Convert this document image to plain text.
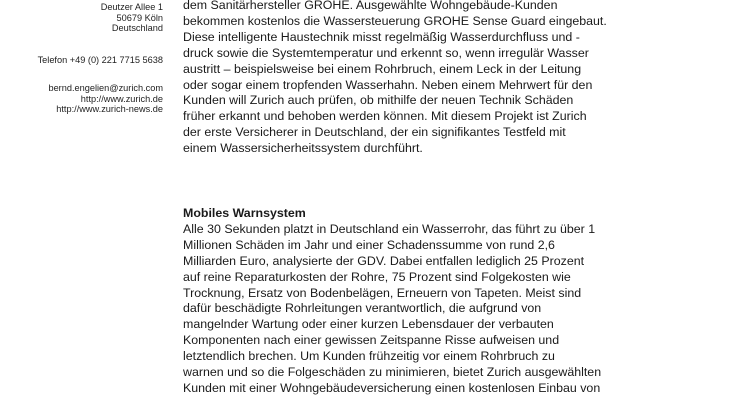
Deutzer Allee 1
50679 Köln
Deutschland
Telefon +49 (0) 221 7715 5638
bernd.engelien@zurich.com
http://www.zurich.de
http://www.zurich-news.de
dem Sanitärhersteller GROHE. Ausgewählte Wohngebäude-Kunden
bekommen kostenlos die Wassersteuerung GROHE Sense Guard eingebaut.
Diese intelligente Haustechnik misst regelmäßig Wasserdurchfluss und -
druck sowie die Systemtemperatur und erkennt so, wenn irregulär Wasser
austritt – beispielsweise bei einem Rohrbruch, einem Leck in der Leitung
oder sogar einem tropfenden Wasserhahn. Neben einem Mehrwert für den
Kunden will Zurich auch prüfen, ob mithilfe der neuen Technik Schäden
früher erkannt und behoben werden können. Mit diesem Projekt ist Zurich
der erste Versicherer in Deutschland, der ein signifikantes Testfeld mit
einem Wassersicherheitssystem durchführt.
Mobiles Warnsystem
Alle 30 Sekunden platzt in Deutschland ein Wasserrohr, das führt zu über 1
Millionen Schäden im Jahr und einer Schadenssumme von rund 2,6
Milliarden Euro, analysierte der GDV. Dabei entfallen lediglich 25 Prozent
auf reine Reparaturkosten der Rohre, 75 Prozent sind Folgekosten wie
Trocknung, Ersatz von Bodenbelägen, Erneuern von Tapeten. Meist sind
dafür beschädigte Rohrleitungen verantwortlich, die aufgrund von
mangelnder Wartung oder einer kurzen Lebensdauer der verbauten
Komponenten nach einer gewissen Zeitspanne Risse aufweisen und
letztendlich brechen. Um Kunden frühzeitig vor einem Rohrbruch zu
warnen und so die Folgeschäden zu minimieren, bietet Zurich ausgewählten
Kunden mit einer Wohngebäudeversicherung einen kostenlosen Einbau von
